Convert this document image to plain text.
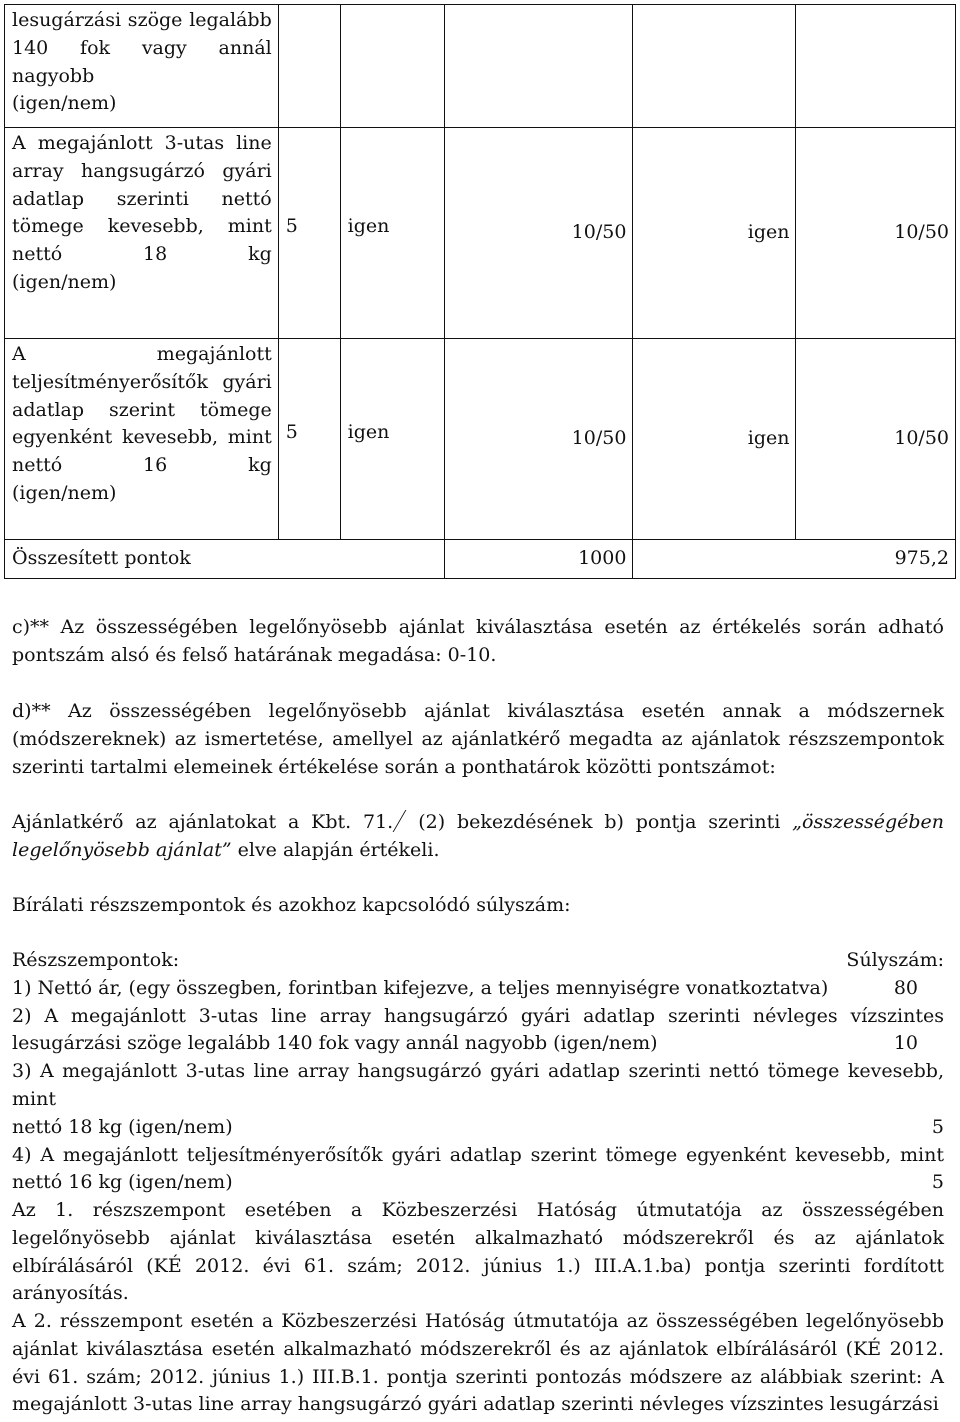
lesugárzási szöge legalább 140 fok vagy annál nagyobb
(igen/nem)					

A megajánlott 3-utas line array hangsugárzó gyári adatlap szerinti nettó tömege kevesebb, mint nettó 18 kg
(igen/nem)	5	igen	10/50	igen	10/50
A megajánlott teljesítményerősítők gyári adatlap szerint tömege egyenként kevesebb, mint nettó 16 kg
(igen/nem)	5	igen	10/50	igen	10/50
Összesített pontok			1000	975,2	
c)** Az összességében legelőnyösebb ajánlat kiválasztása esetén az értékelés során adható pontszám alsó és felső határának megadása: 0-10.
d)** Az összességében legelőnyösebb ajánlat kiválasztása esetén annak a módszernek (módszereknek) az ismertetése, amellyel az ajánlatkérő megadta az ajánlatok részszempontok szerinti tartalmi elemeinek értékelése során a ponthatárok közötti pontszámot:
Ajánlatkérő az ajánlatokat a Kbt. 71. (2) bekezdésének b) pontja szerinti „összességében legelőnyösebb ajánlat” elve alapján értékeli.
Bírálati részszempontok és azokhoz kapcsolódó súlyszám:
Részszempontok:	Súlyszám:
1) Nettó ár, (egy összegben, forintban kifejezve, a teljes mennyiségre vonatkoztatva)	80
2) A megajánlott 3-utas line array hangsugárzó gyári adatlap szerinti névleges vízszintes
lesugárzási szöge legalább 140 fok vagy annál nagyobb (igen/nem)	10
3) A megajánlott 3-utas line array hangsugárzó gyári adatlap szerinti nettó tömege kevesebb, mint
nettó 18 kg (igen/nem)	5
4) A megajánlott teljesítményerősítők gyári adatlap szerint tömege egyenként kevesebb, mint
nettó 16 kg (igen/nem)	5
Az 1. részszempont esetében a Közbeszerzési Hatóság útmutatója az összességében legelőnyösebb ajánlat kiválasztása esetén alkalmazható módszerekről és az ajánlatok elbírálásáról (KÉ 2012. évi 61. szám; 2012. június 1.) III.A.1.ba) pontja szerinti fordított arányosítás.
A 2. résszempont esetén a Közbeszerzési Hatóság útmutatója az összességében legelőnyösebb ajánlat kiválasztása esetén alkalmazható módszerekről és az ajánlatok elbírálásáról (KÉ 2012. évi 61. szám; 2012. június 1.) III.B.1. pontja szerinti pontozás módszere az alábbiak szerint: A megajánlott 3-utas line array hangsugárzó gyári adatlap szerinti névleges vízszintes lesugárzási
